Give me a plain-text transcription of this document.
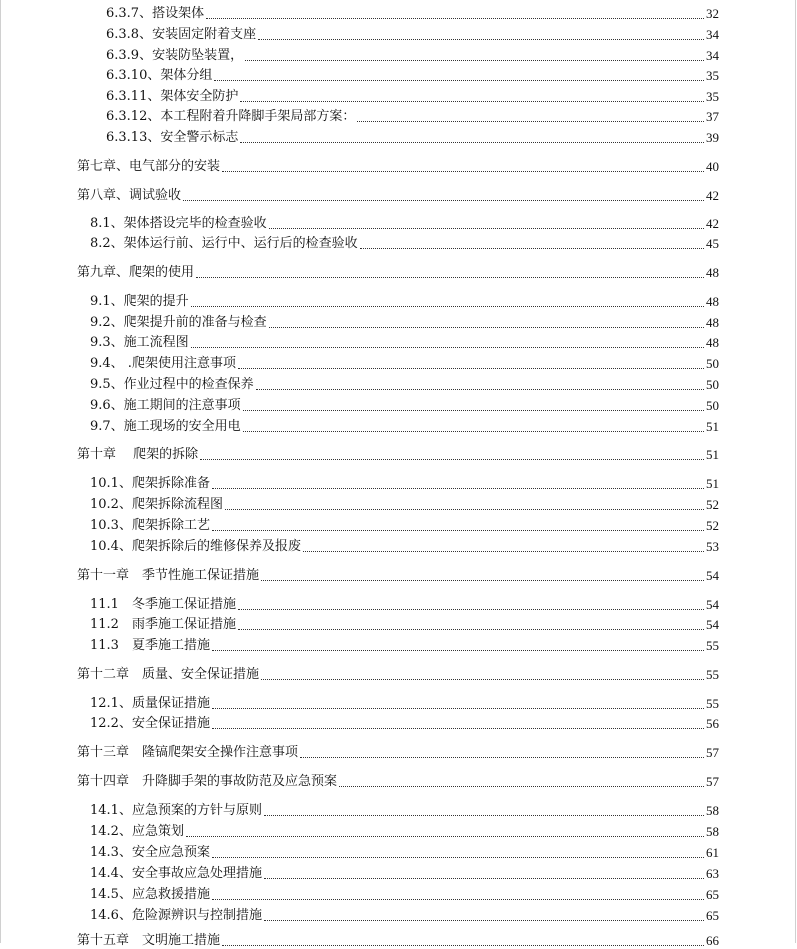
6.3.7、搭设架体	32
6.3.8、安装固定附着支座	34
6.3.9、安装防坠装置，	34
6.3.10、架体分组	35
6.3.11、架体安全防护	35
6.3.12、本工程附着升降脚手架局部方案：	37
6.3.13、安全警示标志	39
第七章、电气部分的安装	40
第八章、调试验收	42
8.1、架体搭设完毕的检查验收	42
8.2、架体运行前、运行中、运行后的检查验收	45
第九章、爬架的使用	48
9.1、爬架的提升	48
9.2、爬架提升前的准备与检查	48
9.3、施工流程图	48
9.4、 .爬架使用注意事项	50
9.5、作业过程中的检查保养	50
9.6、施工期间的注意事项	50
9.7、施工现场的安全用电	51
第十章　 爬架的拆除	51
10.1、爬架拆除准备	51
10.2、爬架拆除流程图	52
10.3、爬架拆除工艺	52
10.4、爬架拆除后的维修保养及报废	53
第十一章　季节性施工保证措施	54
11.1　冬季施工保证措施	54
11.2　雨季施工保证措施	54
11.3　夏季施工措施	55
第十二章　质量、安全保证措施	55
12.1、质量保证措施	55
12.2、安全保证措施	56
第十三章　隆镐爬架安全操作注意事项	57
第十四章　升降脚手架的事故防范及应急预案	57
14.1、应急预案的方针与原则	58
14.2、应急策划	58
14.3、安全应急预案	61
14.4、安全事故应急处理措施	63
14.5、应急救援措施	65
14.6、危险源辨识与控制措施	65
第十五章　文明施工措施	66
